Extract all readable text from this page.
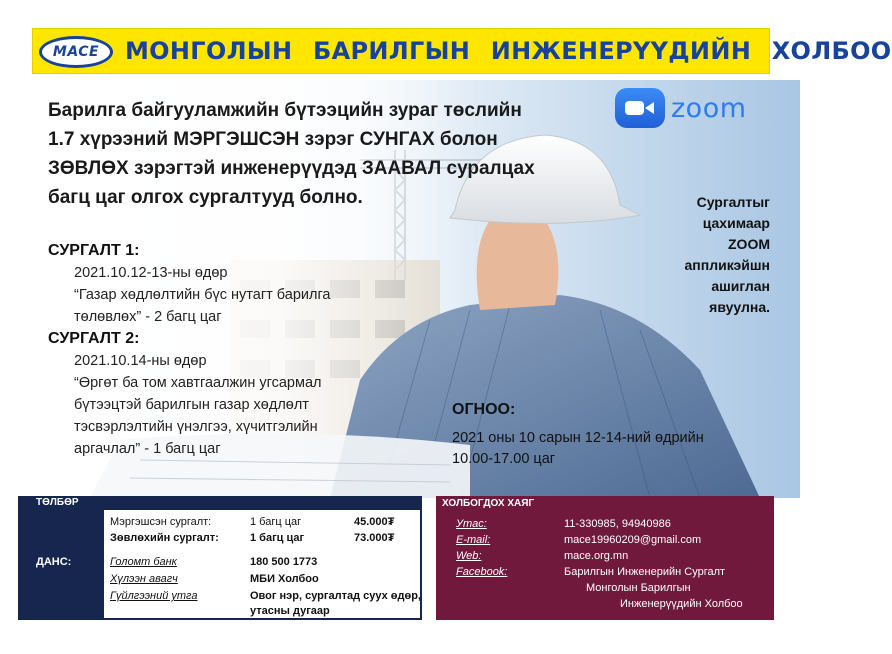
MACE МОНГОЛЫН БАРИЛГЫН ИНЖЕНЕРҮҮДИЙН ХОЛБОО
Барилга байгууламжийн бүтээцийн зураг төслийн
1.7 хүрээний МЭРГЭШСЭН зэрэг СУНГАХ болон
ЗӨВЛӨХ зэрэгтэй инженерүүдэд ЗААВАЛ суралцах
багц цаг олгох сургалтууд болно.
zoom
Сургалтыг
цахимаар
ZOOM
аппликэйшн
ашиглан
явуулна.
СУРГАЛТ 1:
2021.10.12-13-ны өдөр
“Газар хөдлөлтийн бүс нутагт барилга
төлөвлөх” - 2 багц цаг
СУРГАЛТ 2:
2021.10.14-ны өдөр
“Өргөт ба том хавтгаалжин угсармал
бүтээцтэй барилгын газар хөдлөлт
тэсвэрлэлтийн үнэлгээ, хүчитгэлийн
аргачлал” - 1 багц цаг
ОГНОО:
2021 оны 10 сарын 12-14-ний өдрийн
10.00-17.00 цаг
ТӨЛБӨР
ДАНС:
Мэргэшсэн сургалт:	1 багц цаг	45.000₮
Зөвлөхийн сургалт:	1 багц цаг	73.000₮
Голомт банк	180 500 1773
Хүлээн авагч	МБИ Холбоо
Гүйлгээний утга	Овог нэр, сургалтад суух өдөр,
утасны дугаар
ХОЛБОГДОХ ХАЯГ
Утас:	11-330985, 94940986
E-mail:	mace19960209@gmail.com
Web:	mace.org.mn
Facebook:	Барилгын Инженерийн Сургалт
Монголын Барилгын
Инженерүүдийн Холбоо
